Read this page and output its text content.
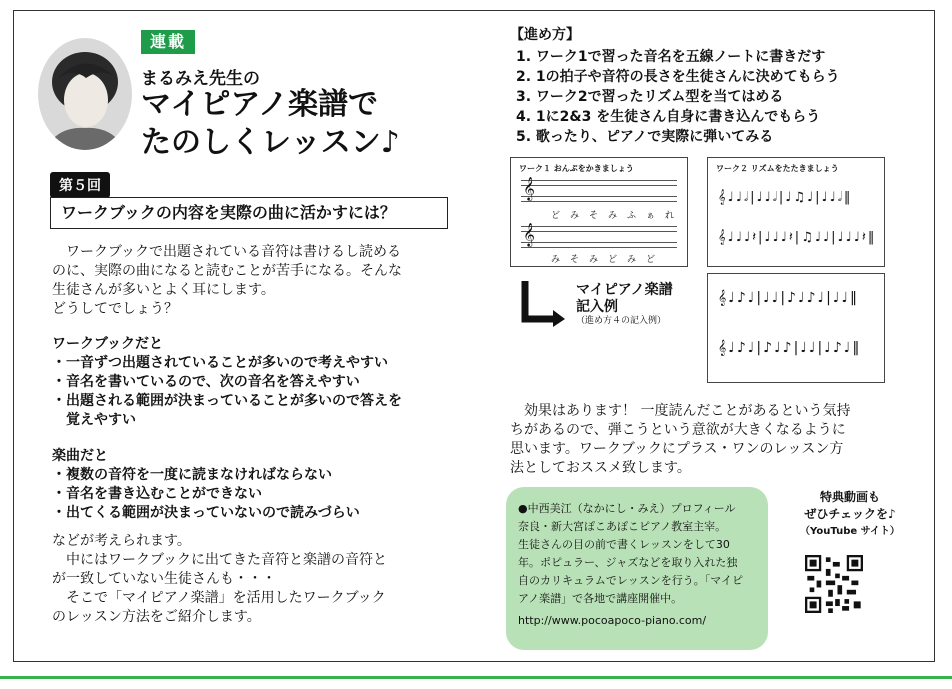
連載
まるみえ先生の
マイピアノ楽譜で
たのしくレッスン♪
第５回
ワークブックの内容を実際の曲に活かすには？
　ワークブックで出題されている音符は書けるし読める
のに、実際の曲になると読むことが苦手になる。そんな
生徒さんが多いとよく耳にします。
どうしてでしょう？
ワークブックだと
・一音ずつ出題されていることが多いので考えやすい
・音名を書いているので、次の音名を答えやすい
・出題される範囲が決まっていることが多いので答えを
　覚えやすい
楽曲だと
・複数の音符を一度に読まなければならない
・音名を書き込むことができない
・出てくる範囲が決まっていないので読みづらい
などが考えられます。
　中にはワークブックに出てきた音符と楽譜の音符と
が一致していない生徒さんも・・・
　そこで「マイピアノ楽譜」を活用したワークブック
のレッスン方法をご紹介します。
【進め方】
1. ワーク1で習った音名を五線ノートに書きだす
2. 1の拍子や音符の長さを生徒さんに決めてもらう
3. ワーク2で習ったリズム型を当てはめる
4. 1に2&3 を生徒さん自身に書き込んでもらう
5. 歌ったり、ピアノで実際に弾いてみる
ワーク１ おんぷをかきましょう
𝄞
どみそみふぁれ
𝄞
みそみどみど
ワーク２ リズムをたたきましょう
𝄞♩♩𝅗𝅥|♩♩𝅗𝅥|♩♫♩|♩♩𝅗𝅥‖
𝄞♩♩♩𝄽|♩♩♩𝄽|♫♩♩|♩♩♩𝄽‖
マイピアノ楽譜
記入例
（進め方４の記入例）
𝄞♩♪♩|♩♩|♪♩♪♩|♩♩‖
𝄞♩♪♩|♪♩♪|♩♩|♩♪♩‖
　効果はあります！ 一度読んだことがあるという気持
ちがあるので、弾こうという意欲が大きくなるように
思います。ワークブックにプラス・ワンのレッスン方
法としておススメ致します。
●中西美江（なかにし・みえ）プロフィール
奈良・新大宮ぽこあぽこピアノ教室主宰。
生徒さんの目の前で書くレッスンをして30
年。ポピュラー、ジャズなどを取り入れた独
自のカリキュラムでレッスンを行う。「マイピ
アノ楽譜」で各地で講座開催中。
http://www.pocoapoco-piano.com/
特典動画も
ぜひチェックを♪
（YouTube サイト）
